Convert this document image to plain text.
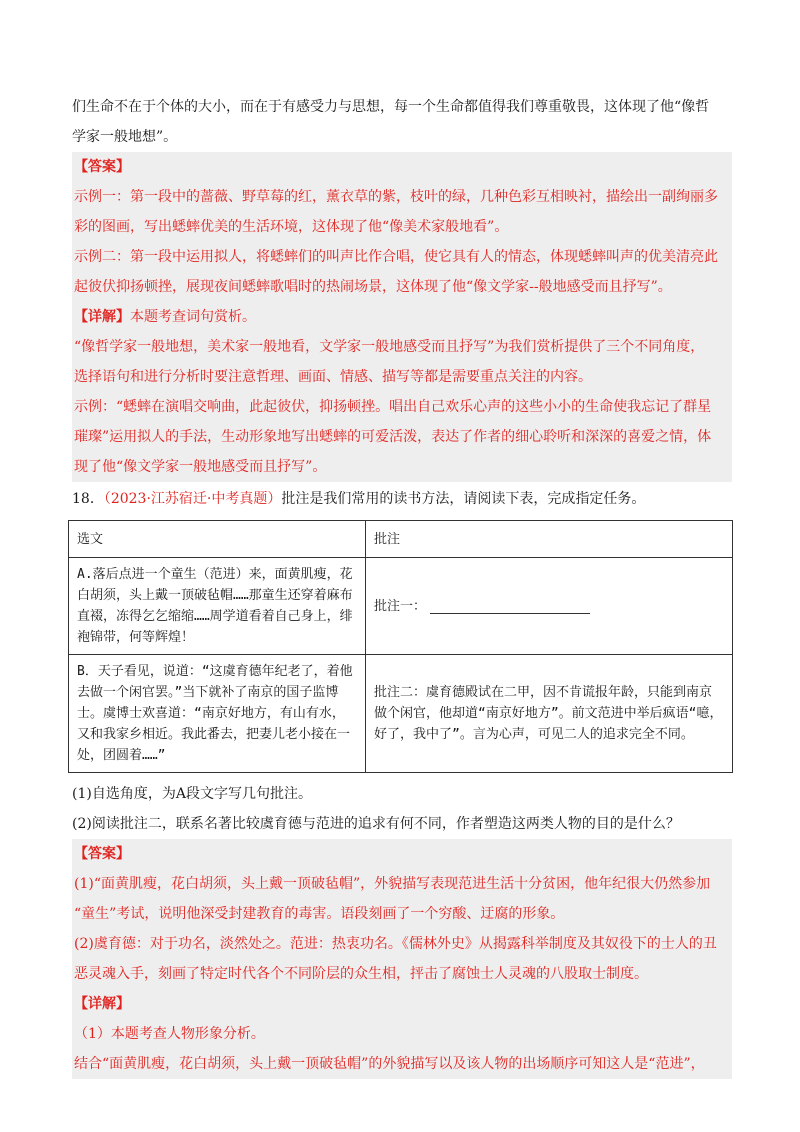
们生命不在于个体的大小，而在于有感受力与思想，每一个生命都值得我们尊重敬畏，这体现了他“像哲

学家一般地想”。

【答案】

示例一：第一段中的蔷薇、野草莓的红，薰衣草的紫，枝叶的绿，几种色彩互相映衬，描绘出一副绚丽多

彩的图画，写出蟋蟀优美的生活环境，这体现了他“像美术家般地看”。

示例二：第一段中运用拟人，将蟋蟀们的叫声比作合唱，使它具有人的情态，体现蟋蟀叫声的优美清亮此

起彼伏抑扬顿挫，展现夜间蟋蟀歌唱时的热闹场景，这体现了他“像文学家--般地感受而且抒写”。

【详解】本题考查词句赏析。

“像哲学家一般地想，美术家一般地看，文学家一般地感受而且抒写”为我们赏析提供了三个不同角度，

选择语句和进行分析时要注意哲理、画面、情感、描写等都是需要重点关注的内容。

示例：“蟋蟀在演唱交响曲，此起彼伏，抑扬顿挫。唱出自己欢乐心声的这些小小的生命使我忘记了群星

璀璨”运用拟人的手法，生动形象地写出蟋蟀的可爱活泼，表达了作者的细心聆听和深深的喜爱之情，体

现了他“像文学家一般地感受而且抒写”。

18．（2023·江苏宿迁·中考真题）批注是我们常用的读书方法，请阅读下表，完成指定任务。

选文	批注
A.落后点进一个童生（范进）来，面黄肌瘦，花白胡须，头上戴一顶破毡帽……那童生还穿着麻布直裰，冻得乞乞缩缩……周学道看着自己身上，绯袍锦带，何等辉煌！	批注一：
B．天子看见，说道：“这虞育德年纪老了，着他去做一个闲官罢。”当下就补了南京的国子监博士。虞博士欢喜道：“南京好地方，有山有水，又和我家乡相近。我此番去，把妻儿老小接在一处，团圆着……”	批注二：虞育德殿试在二甲，因不肯谎报年龄，只能到南京做个闲官，他却道“南京好地方”。前文范进中举后疯语“噫，好了，我中了”。言为心声，可见二人的追求完全不同。

(1)自选角度，为A段文字写几句批注。

(2)阅读批注二，联系名著比较虞育德与范进的追求有何不同，作者塑造这两类人物的目的是什么？

【答案】

(1)“面黄肌瘦，花白胡须，头上戴一顶破毡帽”，外貌描写表现范进生活十分贫困，他年纪很大仍然参加

“童生”考试，说明他深受封建教育的毒害。语段刻画了一个穷酸、迂腐的形象。

(2)虞育德：对于功名，淡然处之。范进：热衷功名。《儒林外史》从揭露科举制度及其奴役下的士人的丑

恶灵魂入手，刻画了特定时代各个不同阶层的众生相，抨击了腐蚀士人灵魂的八股取士制度。

【详解】

（1）本题考查人物形象分析。

结合“面黄肌瘦，花白胡须，头上戴一顶破毡帽”的外貌描写以及该人物的出场顺序可知这人是“范进”，
